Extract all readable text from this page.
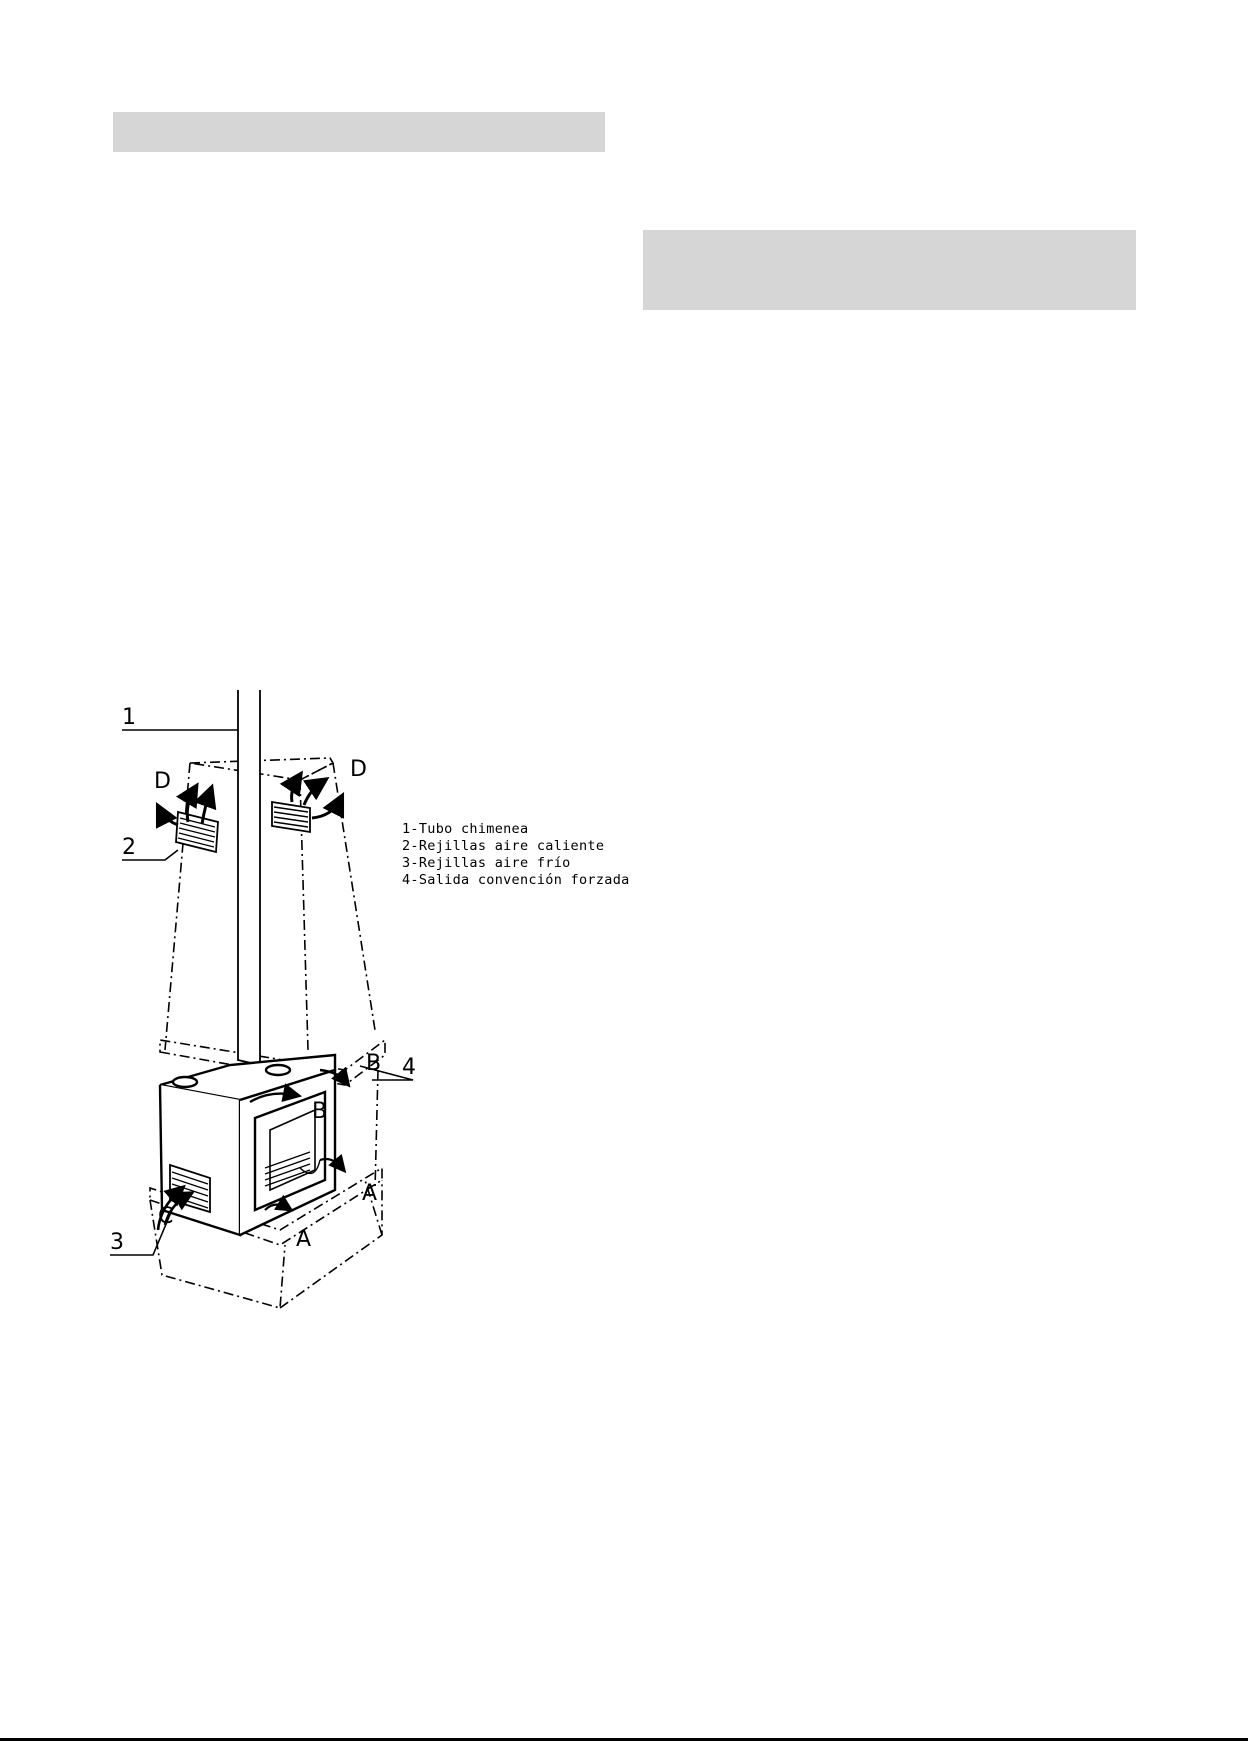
1
2
3
4
D	D
B
B
A
A
C
1-Tubo chimenea
2-Rejillas aire caliente
3-Rejillas aire frío
4-Salida convención forzada
